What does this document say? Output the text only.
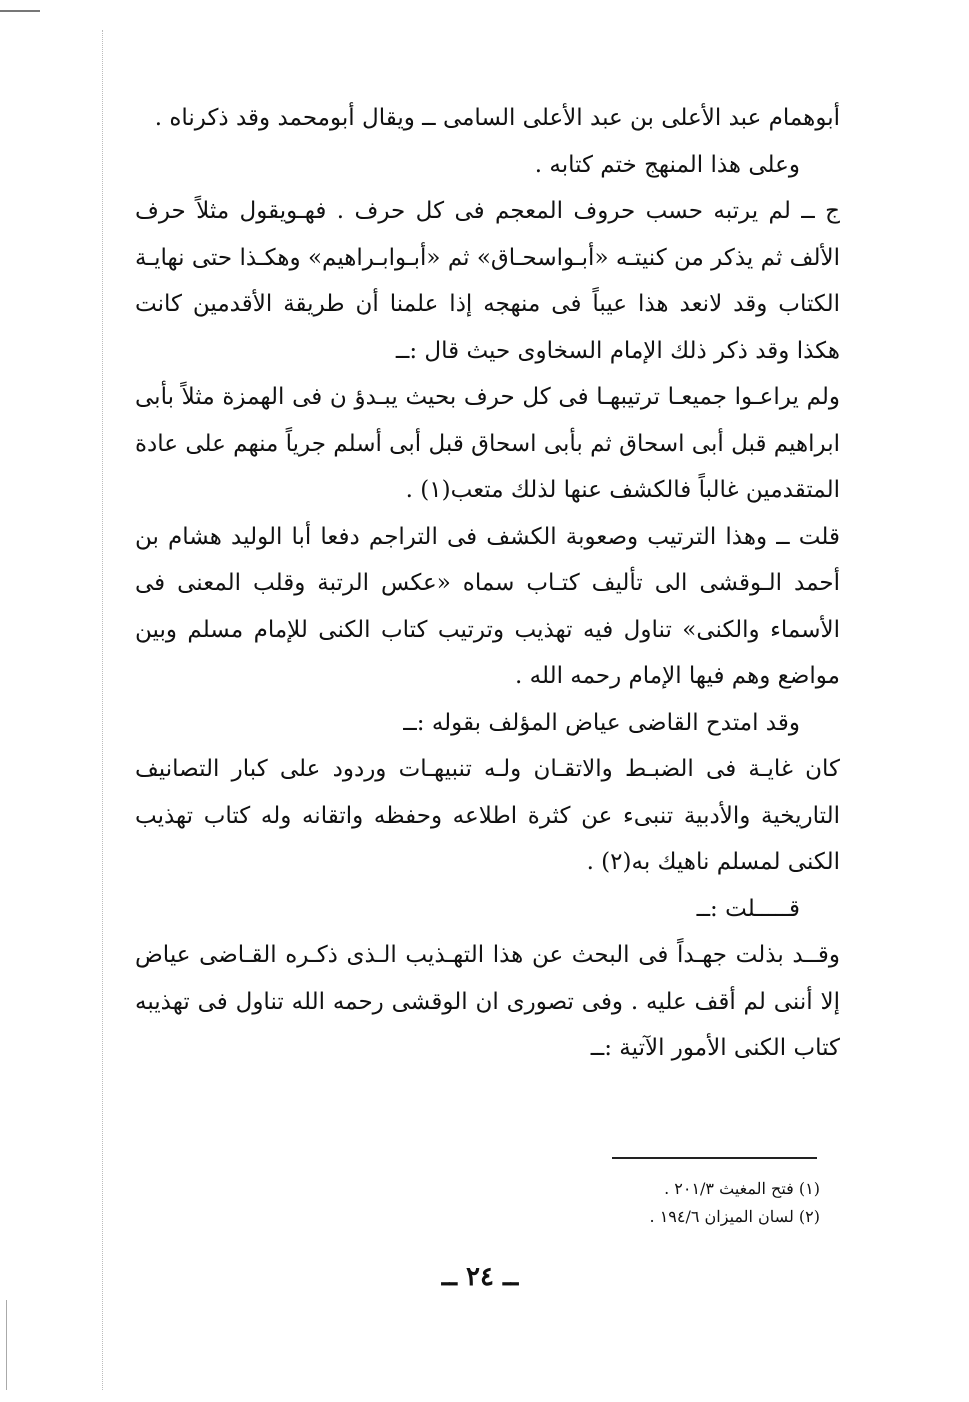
أبوهمام عبد الأعلى بن عبد الأعلى السامى ــ ويقال أبومحمد وقد ذكرناه .

وعلى هذا المنهج ختم كتابه .

ج ــ لم يرتبه حسب حروف المعجم فى كل حرف . فهـويقول مثلاً حرف الألف ثم يذكر من كنيتـه «أبـواسحـاق» ثم «أبـوابـراهيم» وهكـذا حتى نهايـة الكتاب وقد لانعد هذا عيباً فى منهجه إذا علمنا أن طريقة الأقدمين كانت هكذا وقد ذكر ذلك الإمام السخاوى حيث قال :ــ

ولم يراعـوا جميعـا ترتيبهـا فى كل حرف بحيث يبـدؤ ن فى الهمزة مثلاً بأبى ابراهيم قبل أبى اسحاق ثم بأبى اسحاق قبل أبى أسلم جرياً منهم على عادة المتقدمين غالباً فالكشف عنها لذلك متعب(١) .

قلت ــ وهذا الترتيب وصعوبة الكشف فى التراجم دفعا أبا الوليد هشام بن أحمد الـوقشى الى تأليف كتـاب سماه «عكس الرتبة وقلب المعنى فى الأسماء والكنى» تناول فيه تهذيب وترتيب كتاب الكنى للإمام مسلم وبين مواضع وهم فيها الإمام رحمه الله .

وقد امتدح القاضى عياض المؤلف بقوله :ــ

كان غايـة فى الضبـط والاتقـان ولـه تنبيهـات وردود على كبار التصانيف التاريخية والأدبية تنبىء عن كثرة اطلاعه وحفظه واتقانه وله كتاب تهذيب الكنى لمسلم ناهيك به(٢) .

قـــــلت :ــ

وقــد بذلت جهـداً فى البحث عن هذا التهـذيب الـذى ذكـره القـاضى عياض إلا أننى لم أقف عليه . وفى تصورى ان الوقشى رحمه الله تناول فى تهذيبه كتاب الكنى الأمور الآتية :ــ

(١) فتح المغيث ٢٠١/٣ .
(٢) لسان الميزان ١٩٤/٦ .
ــ ٢٤ ــ
